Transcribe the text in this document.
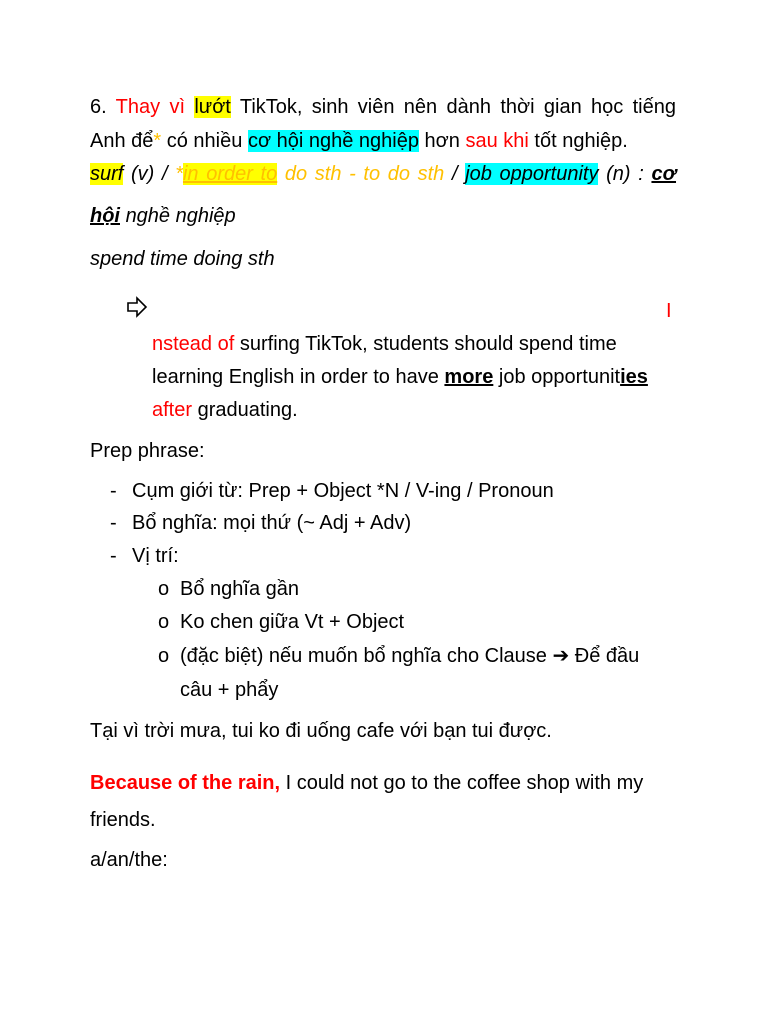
6. Thay vì lướt TikTok, sinh viên nên dành thời gian học tiếng
Anh để* có nhiều cơ hội nghề nghiệp hơn sau khi tốt nghiệp.
surf (v) / *in order to do sth - to do sth / job opportunity (n) : cơ
hội nghề nghiệp
spend time doing sth
I
nstead of surfing TikTok, students should spend time
learning English in order to have more job opportunities
after graduating.
Prep phrase:
- Cụm giới từ: Prep + Object *N / V-ing / Pronoun
- Bổ nghĩa: mọi thứ (~ Adj + Adv)
- Vị trí:
o Bổ nghĩa gần
o Ko chen giữa Vt + Object
o (đặc biệt) nếu muốn bổ nghĩa cho Clause ➔ Để đầu
câu + phẩy
Tại vì trời mưa, tui ko đi uống cafe với bạn tui được.
Because of the rain, I could not go to the coffee shop with my
friends.
a/an/the:
